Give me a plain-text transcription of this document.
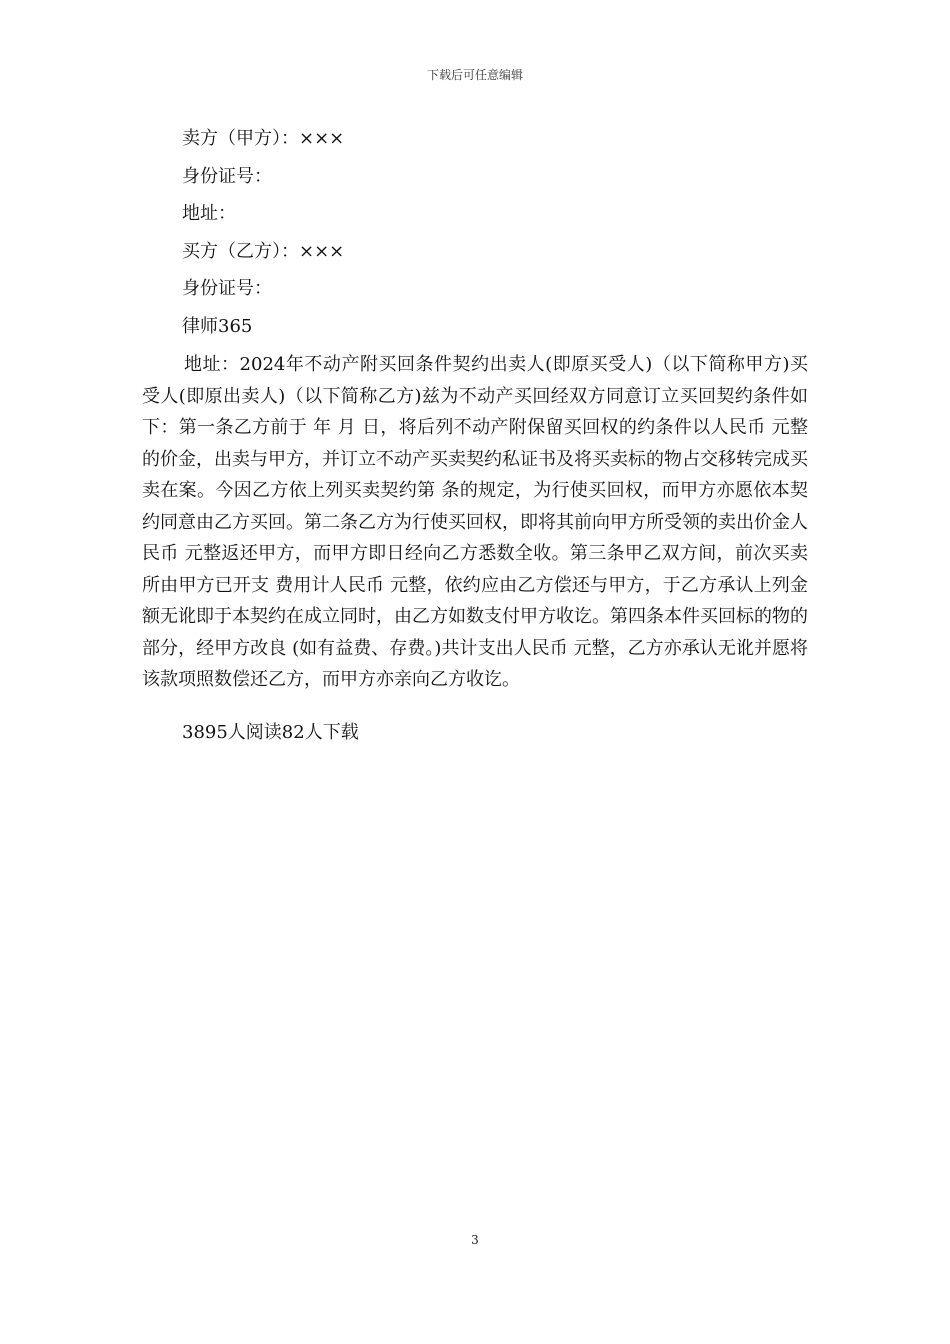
下载后可任意编辑
卖方（甲方）：×××
身份证号：
地址：
买方（乙方）：×××
身份证号：
律师365

地址：2024年不动产附买回条件契约出卖人(即原买受人)（以下简称甲方)买受人(即原出卖人)（以下简称乙方)兹为不动产买回经双方同意订立买回契约条件如下：第一条乙方前于 年 月 日，将后列不动产附保留买回权的约条件以人民币 元整的价金，出卖与甲方，并订立不动产买卖契约私证书及将买卖标的物占交移转完成买卖在案。今因乙方依上列买卖契约第 条的规定，为行使买回权，而甲方亦愿依本契约同意由乙方买回。第二条乙方为行使买回权，即将其前向甲方所受领的卖出价金人民币 元整返还甲方，而甲方即日经向乙方悉数全收。第三条甲乙双方间，前次买卖所由甲方已开支 费用计人民币 元整，依约应由乙方偿还与甲方，于乙方承认上列金额无讹即于本契约在成立同时，由乙方如数支付甲方收讫。第四条本件买回标的物的 部分，经甲方改良 (如有益费、存费。)共计支出人民币 元整，乙方亦承认无讹并愿将该款项照数偿还乙方，而甲方亦亲向乙方收讫。

3895人阅读82人下载
3
